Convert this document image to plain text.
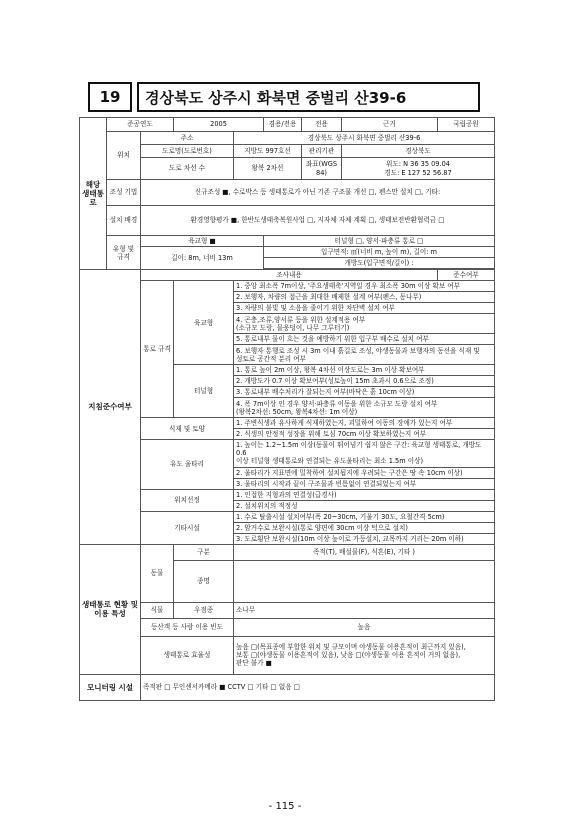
19	경상북도 상주시 화북면 중벌리 산39-6
해당 생태통로	준공연도		2005		겸용/전용	전용	근거	국립공원	
	위치	주소		경상북도 상주시 화북면 중벌리 산39-6					
		도로명(도로번호)		지방도 997호선		관리기관	경상북도		
		도로 차선 수		왕복 2차선		좌표(WGS 84)	위도: N 36 35 09.04
경도: E 127 52 56.87		

	조성 기법	신규조성 ■, 수로박스 등 생태통로가 아닌 기존 구조물 개선 □, 펜스만 설치 □, 기타:							
	설치 배경	환경영향평가 ■, 한반도생태축복원사업 □, 지자체 자체 계획 □, 생태보전반환협력금 □							
	유형 및 규격	육교형 ■			터널형 □, 양서·파충류 통로 □				
		길이: 8m, 너비 13m			입구면적: ㎡(너비 m, 높이 m), 길이: m				
					개방도(입구면적/길이) :				

지침준수여부		조사내용						준수여부	
		통로 규격	육교형	1. 중앙 최소폭 7m이상, '주요생태축'지역일 경우 최소폭 30m 이상 확보 여부	
				2. 보행자, 차량의 접근을 최대한 배제한 설계 여부(펜스, 동나무)	
				3. 차량의 불빛 및 소음을 줄이기 위한 차단벽 설치 여부	
				4. 곤충,조류,양서류 등을 위한 설계적용 여부
(소규모 도랑, 물웅덩이, 나무 그루터기)	
				5. 통로내부 물이 흐는 것을 예방하기 위한 입구부 배수로 설치 여부	
				6. 보행자 통행로 조성 시 3m 이내 흙길로 조성, 야생동물과 보행자의 동선을 식재 및
성토로 공간적 분리 여부					
			터널형	1. 통로 높이 2m 이상, 왕복 4차선 이상도로는 3m 이상 확보여부					
				2. 개방도가 0.7 이상 확보여부(성토높이 15m 초과시 0.6으로 조정)					
				3. 통로내부 배수처리가 잘되는지 여부(바닥은 흙 10cm 이상)					
				4. 폭 7m이상 인 경우 양서·파충류 이동을 위한 소규모 도랑 설치 여부
(왕복2차선: 50cm, 왕복4차선: 1m 이상)					
		식재 및 토양		1. 주변식생과 유사하게 식재하였는지, 괴밀하여 이동의 장애가 있는지 여부	
				2. 식생의 안정적 성장을 위해 토심 70cm 이상 확보하였는지 여부	
		유도 울타리		1. 높이는 1.2~1.5m 이상(동물이 뛰어넘기 쉽지 않은 구간: 육교형 생태통로, 개방도 0.6
이상 터널형 생태통로와 연결되는 유도울타리는 최소 1.5m 이상)	
				2. 울타리가 지표면에 밀착하여 설치됩지에 우려되는 구간은 땅 속 10cm 이상)	
				3. 울타리의 시작과 끝이 구조물과 빈틈없이 연결되었는지 여부	
		위치선정		1. 인접한 지형과의 연결성(급경사)	
				2. 설치위치의 적정성	
		기타시설		1. 수로 탈출시설 설치여부(폭 20~30cm, 기울기 30도, 요철간격 5cm)					
				2. 암거수로 보완시설(통로 양편에 30cm 이상 턱으로 설치)					
				3. 도로횡단 보완시설(10m 이상 높이로 가등설치, 교목까지 거리는 20m 이하)					
생태통로 현황 및 이용 특성		동물	구분	족적(T), 배설물(F), 식흔(E), 기타 )					
			종명						
		식물	우점종	소나무					
		등산객 등 사람 이용 빈도		높음					
		생태통로 효율성		높음 □(목표종에 부합한 위치 및 규모이며 야생동물 이용흔적이 최근까지 있음),
보통 □(야생동물 이용흔적이 있음), 낮음 □(야생동물 이용 흔적이 거의 없음),
판단 불가 ■					

모니터링 시설		족적판 □ 무인센서카메라 ■ CCTV □ 기타 □ 없음 □							
- 115 -
